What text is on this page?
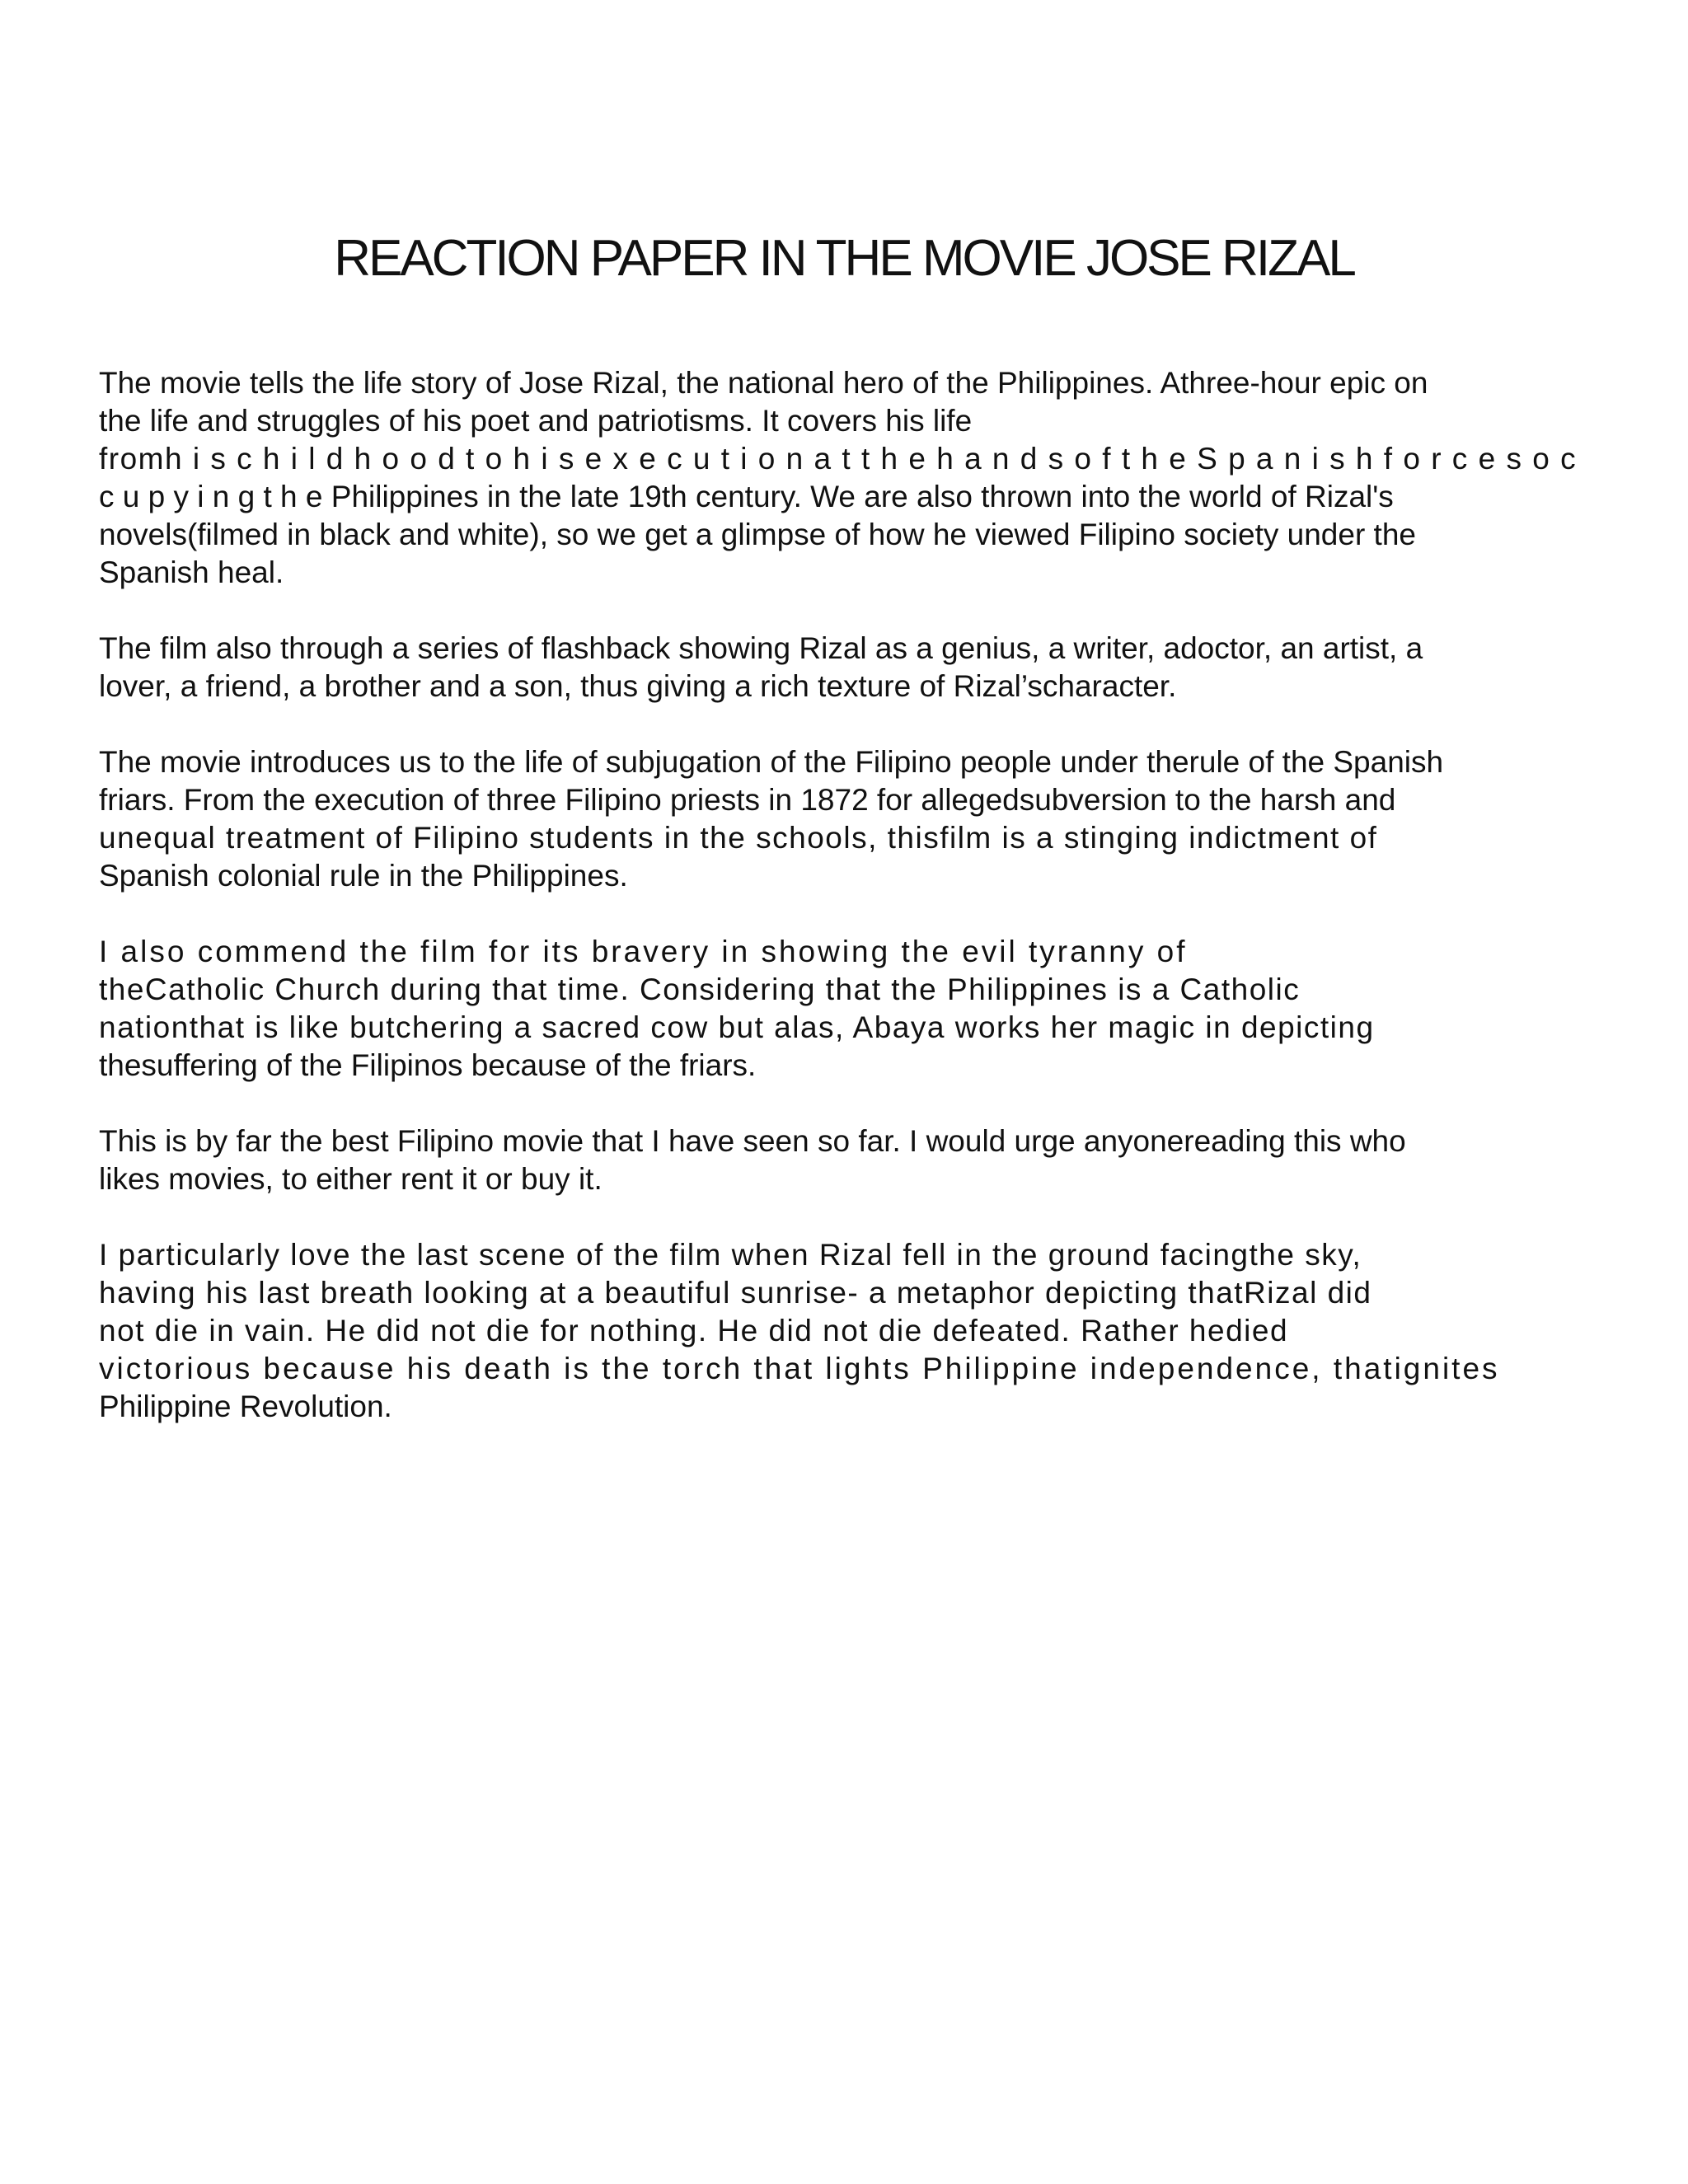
REACTION PAPER IN THE MOVIE JOSE RIZAL

The movie tells the life story of Jose Rizal, the national hero of the Philippines. Athree-hour epic on
the life and struggles of his poet and patriotisms. It covers his life
fromh i s c h i l d h o o d t o h i s e x e c u t i o n a t t h e h a n d s o f t h e S p a n i s h f o r c e s o c
c u p y i n g t h e Philippines in the late 19th century. We are also thrown into the world of Rizal's
novels(filmed in black and white), so we get a glimpse of how he viewed Filipino society under the
Spanish heal.

The film also through a series of flashback showing Rizal as a genius, a writer, adoctor, an artist, a
lover, a friend, a brother and a son, thus giving a rich texture of Rizal’scharacter.

The movie introduces us to the life of subjugation of the Filipino people under therule of the Spanish
friars. From the execution of three Filipino priests in 1872 for allegedsubversion to the harsh and
unequal treatment of Filipino students in the schools, thisfilm is a stinging indictment of
Spanish colonial rule in the Philippines.

I also commend the film for its bravery in showing the evil tyranny of
theCatholic Church during that time. Considering that the Philippines is a Catholic
nationthat is like butchering a sacred cow but alas, Abaya works her magic in depicting
thesuffering of the Filipinos because of the friars.

This is by far the best Filipino movie that I have seen so far. I would urge anyonereading this who
likes movies, to either rent it or buy it.

I particularly love the last scene of the film when Rizal fell in the ground facingthe sky,
having his last breath looking at a beautiful sunrise- a metaphor depicting thatRizal did
not die in vain. He did not die for nothing. He did not die defeated. Rather hedied
victorious because his death is the torch that lights Philippine independence, thatignites
Philippine Revolution.
